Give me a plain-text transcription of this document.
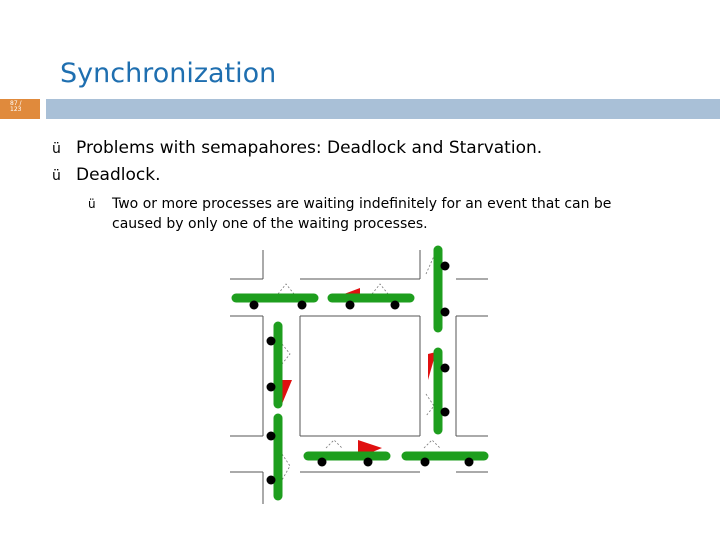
Synchronization
87 /
123
ü Problems with semapahores: Deadlock and Starvation.
ü Deadlock.
ü Two or more processes are waiting indefinitely for an event that can be
caused by only one of the waiting processes.
